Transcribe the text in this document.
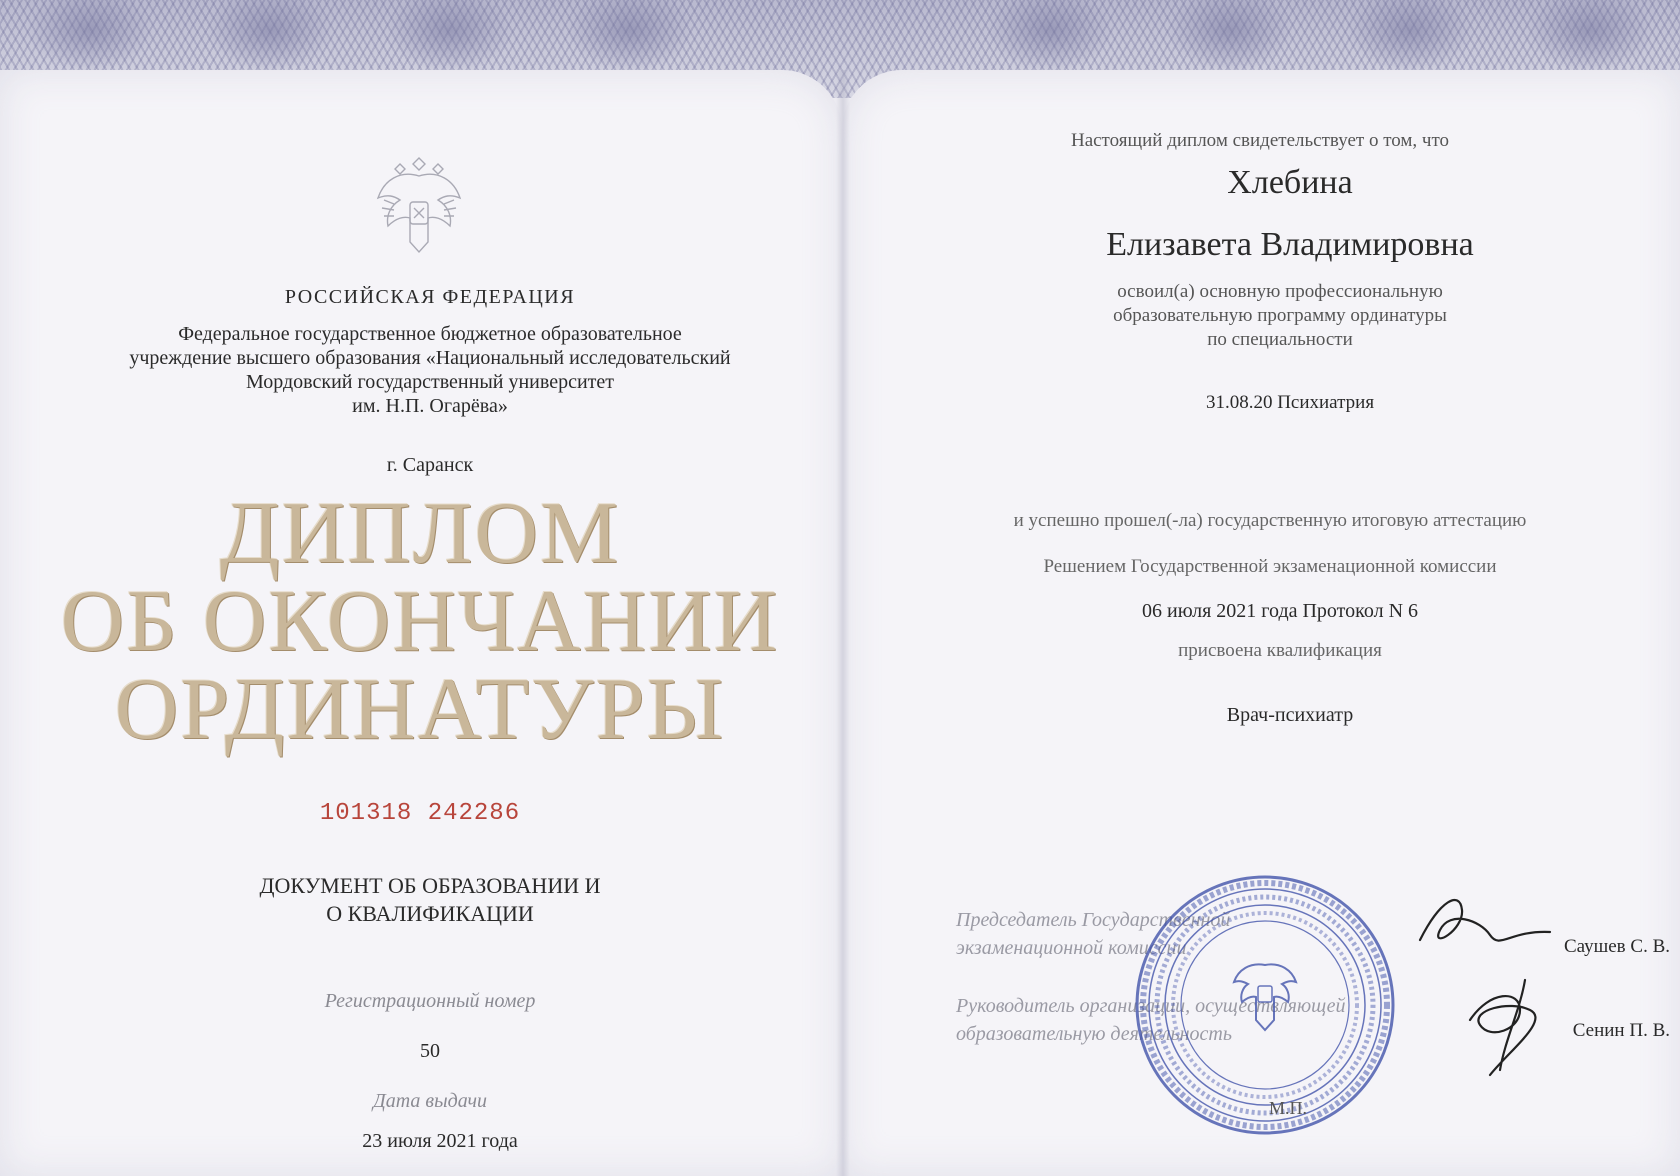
РОССИЙСКАЯ ФЕДЕРАЦИЯ
Федеральное государственное бюджетное образовательное
учреждение высшего образования «Национальный исследовательский
Мордовский государственный университет
им. Н.П. Огарёва»
г. Саранск
ДИПЛОМ
ОБ ОКОНЧАНИИ
ОРДИНАТУРЫ
101318 242286
ДОКУМЕНТ ОБ ОБРАЗОВАНИИ И
О КВАЛИФИКАЦИИ
Регистрационный номер
50
Дата выдачи
23 июля 2021 года
Настоящий диплом свидетельствует о том, что
Хлебина
Елизавета Владимировна
освоил(а) основную профессиональную
образовательную программу ординатуры
по специальности
31.08.20 Психиатрия
и успешно прошел(-ла) государственную итоговую аттестацию
Решением Государственной экзаменационной комиссии
06 июля 2021 года Протокол N 6
присвоена квалификация
Врач-психиатр
Председатель Государственной
экзаменационной комиссии
Руководитель организации, осуществляющей
образовательную деятельность
М.П.
Саушев С. В.
Сенин П. В.
